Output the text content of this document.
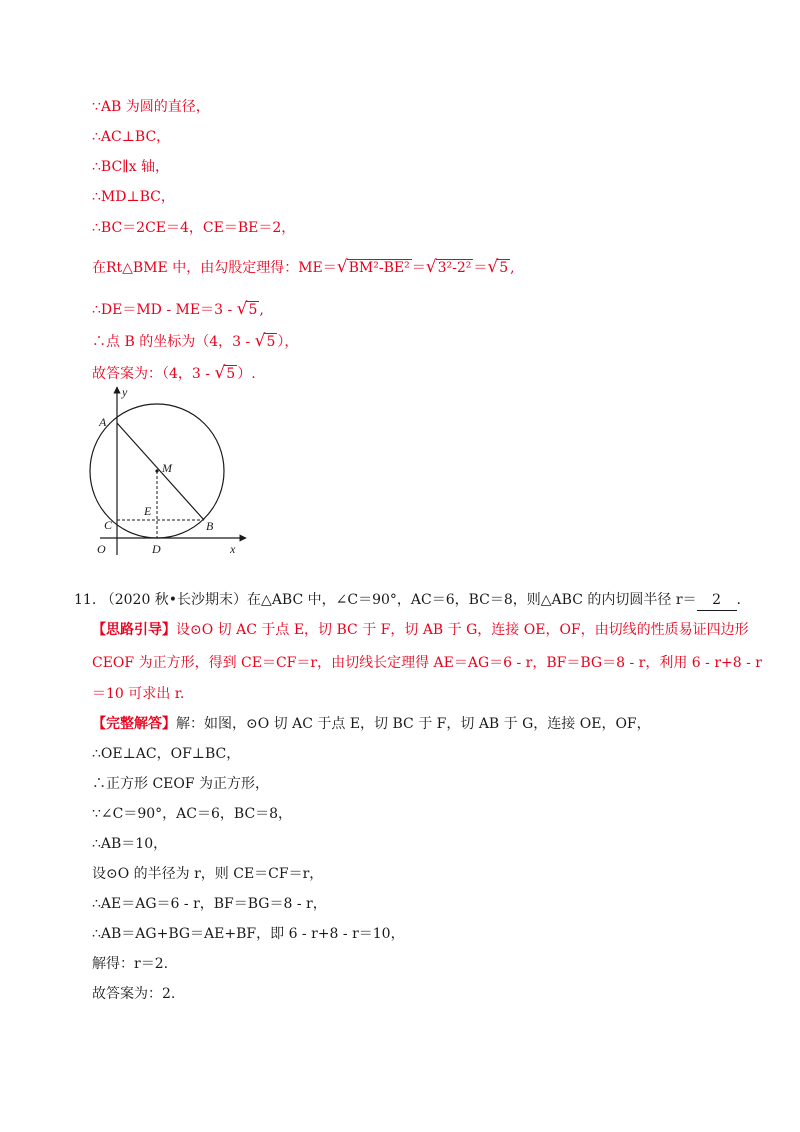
∵AB 为圆的直径，
∴AC⊥BC，
∴BC∥x 轴，
∴MD⊥BC，
∴BC＝2CE＝4，CE＝BE＝2，
在Rt△BME 中，由勾股定理得：ME＝√BM²-BE² ＝√3²-2² ＝√5 ,
∴DE＝MD - ME＝3 - √5 ,
∴点 B 的坐标为（4，3 - √5 ），
故答案为：（4，3 - √5 ）.
y
A
M
E
C	B
O	D	x
11. （2020 秋•长沙期末）在△ABC 中，∠C＝90°，AC＝6，BC＝8，则△ABC 的内切圆半径 r＝ 2 .
【思路引导】设⊙O 切 AC 于点 E，切 BC 于 F，切 AB 于 G，连接 OE，OF，由切线的性质易证四边形
CEOF 为正方形，得到 CE＝CF＝r，由切线长定理得 AE＝AG＝6 - r，BF＝BG＝8 - r，利用 6 - r+8 - r
＝10 可求出 r.
【完整解答】解：如图，⊙O 切 AC 于点 E，切 BC 于 F，切 AB 于 G，连接 OE，OF，
∴OE⊥AC，OF⊥BC，
∴正方形 CEOF 为正方形，
∵∠C＝90°，AC＝6，BC＝8，
∴AB＝10，
设⊙O 的半径为 r，则 CE＝CF＝r，
∴AE＝AG＝6 - r，BF＝BG＝8 - r，
∴AB＝AG+BG＝AE+BF，即 6 - r+8 - r＝10，
解得：r＝2.
故答案为：2.
